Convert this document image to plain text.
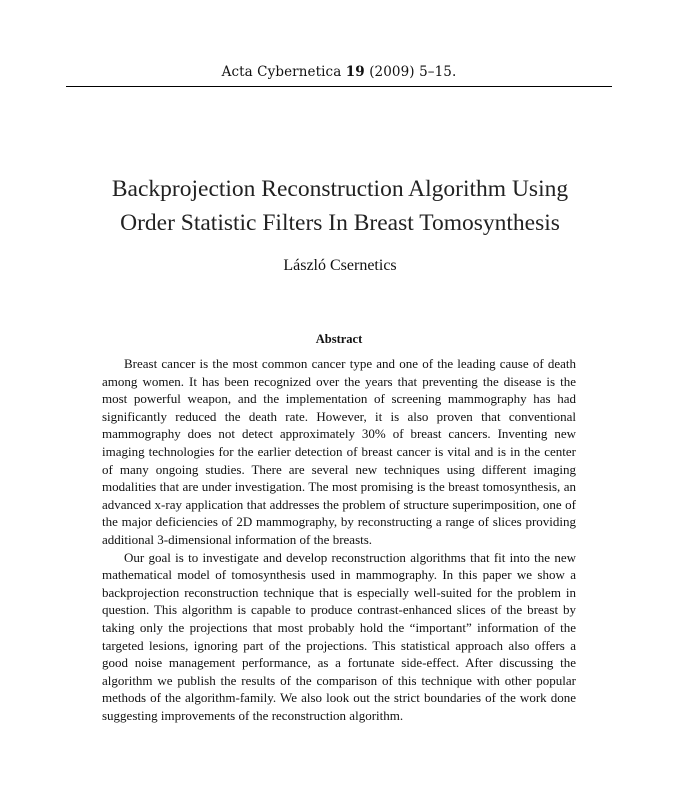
Acta Cybernetica 19 (2009) 5–15.
Backprojection Reconstruction Algorithm Using
Order Statistic Filters In Breast Tomosynthesis
László Csernetics
Abstract

Breast cancer is the most common cancer type and one of the leading cause of death among women. It has been recognized over the years that preventing the disease is the most powerful weapon, and the implementation of screening mammography has had significantly reduced the death rate. However, it is also proven that conventional mammography does not detect approximately 30% of breast cancers. Inventing new imaging technologies for the earlier detection of breast cancer is vital and is in the center of many ongoing studies. There are several new techniques using different imaging modalities that are under investigation. The most promising is the breast tomosynthesis, an advanced x-ray application that addresses the problem of structure superimposition, one of the major deficiencies of 2D mammography, by reconstructing a range of slices providing additional 3-dimensional information of the breasts.

Our goal is to investigate and develop reconstruction algorithms that fit into the new mathematical model of tomosynthesis used in mammography. In this paper we show a backprojection reconstruction technique that is especially well-suited for the problem in question. This algorithm is capable to produce contrast-enhanced slices of the breast by taking only the projections that most probably hold the “important” information of the targeted lesions, ignoring part of the projections. This statistical approach also offers a good noise management performance, as a fortunate side-effect. After discussing the algorithm we publish the results of the comparison of this technique with other popular methods of the algorithm-family. We also look out the strict boundaries of the work done suggesting improvements of the reconstruction algorithm.
